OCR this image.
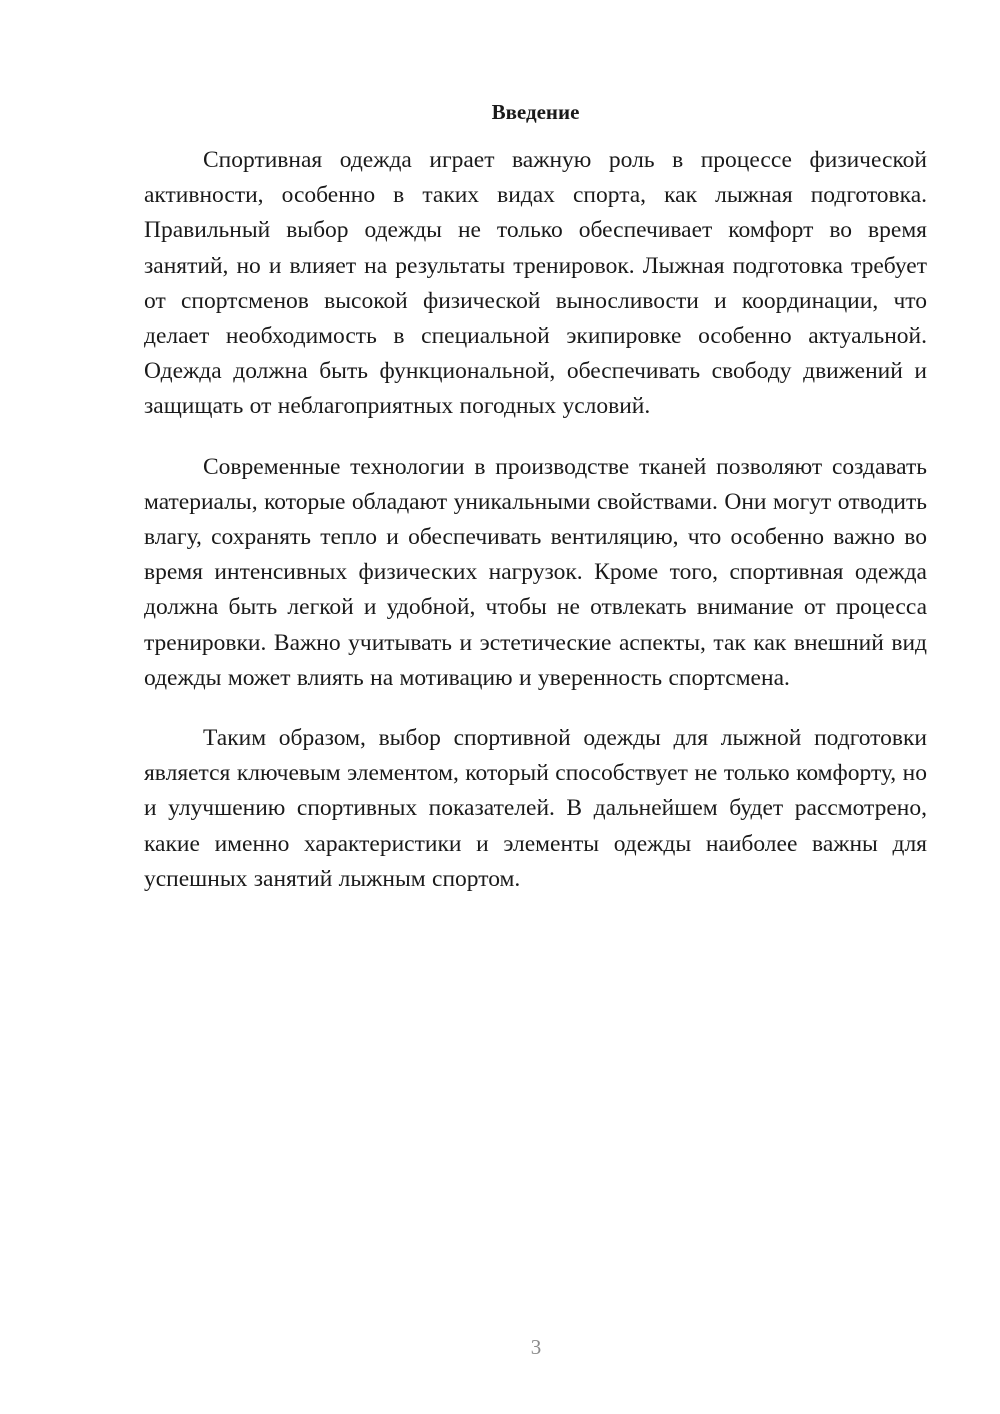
Введение

Спортивная одежда играет важную роль в процессе физической активности, особенно в таких видах спорта, как лыжная подготовка. Правильный выбор одежды не только обеспечивает комфорт во время занятий, но и влияет на результаты тренировок. Лыжная подготовка требует от спортсменов высокой физической выносливости и координации, что делает необходимость в специальной экипировке особенно актуальной. Одежда должна быть функциональной, обеспечивать свободу движений и защищать от неблагоприятных погодных условий.

Современные технологии в производстве тканей позволяют создавать материалы, которые обладают уникальными свойствами. Они могут отводить влагу, сохранять тепло и обеспечивать вентиляцию, что особенно важно во время интенсивных физических нагрузок. Кроме того, спортивная одежда должна быть легкой и удобной, чтобы не отвлекать внимание от процесса тренировки. Важно учитывать и эстетические аспекты, так как внешний вид одежды может влиять на мотивацию и уверенность спортсмена.

Таким образом, выбор спортивной одежды для лыжной подготовки является ключевым элементом, который способствует не только комфорту, но и улучшению спортивных показателей. В дальнейшем будет рассмотрено, какие именно характеристики и элементы одежды наиболее важны для успешных занятий лыжным спортом.

3
